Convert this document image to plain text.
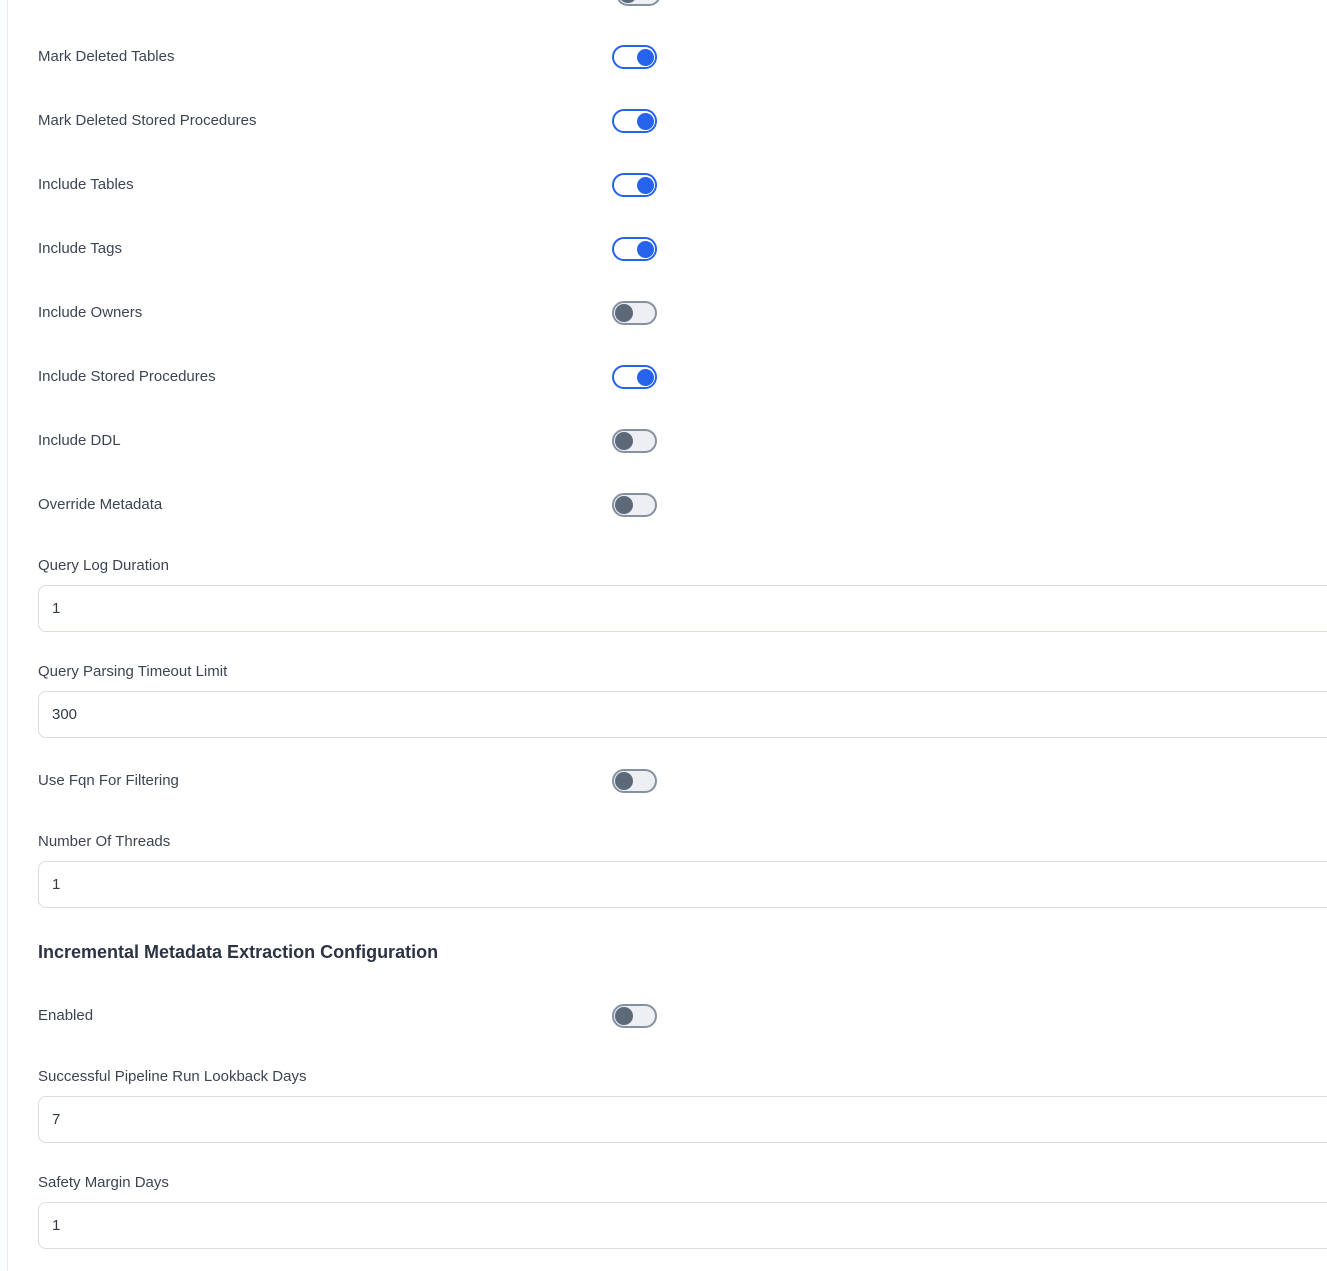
Mark Deleted Tables
Mark Deleted Stored Procedures
Include Tables
Include Tags
Include Owners
Include Stored Procedures
Include DDL
Override Metadata
Query Log Duration
1
Query Parsing Timeout Limit
300
Use Fqn For Filtering
Number Of Threads
1
Incremental Metadata Extraction Configuration
Enabled
Successful Pipeline Run Lookback Days
7
Safety Margin Days
1
